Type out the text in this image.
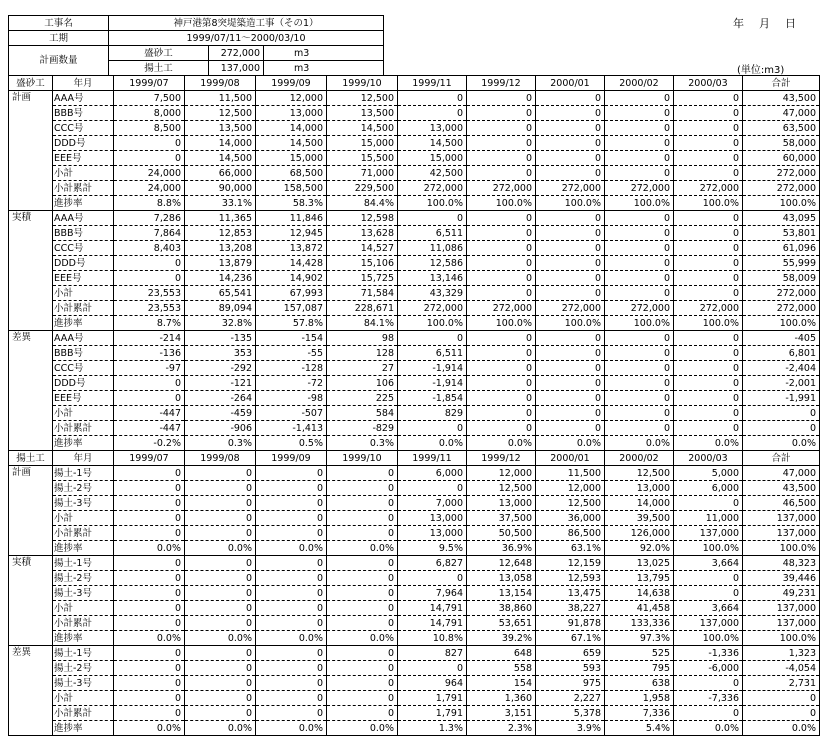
工事名	神戸港第8突堤築造工事（その1）		
工期	1999/07/11〜2000/03/10		
計画数量	盛砂工	272,000	m3
	揚土工	137,000	m3
年　月　日
(単位:m3)
盛砂工	年月	1999/07	1999/08	1999/09	1999/10	1999/11	1999/12	2000/01	2000/02	2000/03	合計
計画	AAA号	7,500	11,500	12,000	12,500	0	0	0	0	0	43,500
	BBB号	8,000	12,500	13,000	13,500	0	0	0	0	0	47,000
	CCC号	8,500	13,500	14,000	14,500	13,000	0	0	0	0	63,500
	DDD号	0	14,000	14,500	15,000	14,500	0	0	0	0	58,000
	EEE号	0	14,500	15,000	15,500	15,000	0	0	0	0	60,000
	小計	24,000	66,000	68,500	71,000	42,500	0	0	0	0	272,000
	小計累計	24,000	90,000	158,500	229,500	272,000	272,000	272,000	272,000	272,000	272,000
	進捗率	8.8%	33.1%	58.3%	84.4%	100.0%	100.0%	100.0%	100.0%	100.0%	100.0%
実積	AAA号	7,286	11,365	11,846	12,598	0	0	0	0	0	43,095
	BBB号	7,864	12,853	12,945	13,628	6,511	0	0	0	0	53,801
	CCC号	8,403	13,208	13,872	14,527	11,086	0	0	0	0	61,096
	DDD号	0	13,879	14,428	15,106	12,586	0	0	0	0	55,999
	EEE号	0	14,236	14,902	15,725	13,146	0	0	0	0	58,009
	小計	23,553	65,541	67,993	71,584	43,329	0	0	0	0	272,000
	小計累計	23,553	89,094	157,087	228,671	272,000	272,000	272,000	272,000	272,000	272,000
	進捗率	8.7%	32.8%	57.8%	84.1%	100.0%	100.0%	100.0%	100.0%	100.0%	100.0%
差異	AAA号	-214	-135	-154	98	0	0	0	0	0	-405
	BBB号	-136	353	-55	128	6,511	0	0	0	0	6,801
	CCC号	-97	-292	-128	27	-1,914	0	0	0	0	-2,404
	DDD号	0	-121	-72	106	-1,914	0	0	0	0	-2,001
	EEE号	0	-264	-98	225	-1,854	0	0	0	0	-1,991
	小計	-447	-459	-507	584	829	0	0	0	0	0
	小計累計	-447	-906	-1,413	-829	0	0	0	0	0	0
	進捗率	-0.2%	0.3%	0.5%	0.3%	0.0%	0.0%	0.0%	0.0%	0.0%	0.0%
揚土工	年月	1999/07	1999/08	1999/09	1999/10	1999/11	1999/12	2000/01	2000/02	2000/03	合計
計画	揚土-1号	0	0	0	0	6,000	12,000	11,500	12,500	5,000	47,000
	揚土-2号	0	0	0	0	0	12,500	12,000	13,000	6,000	43,500
	揚土-3号	0	0	0	0	7,000	13,000	12,500	14,000	0	46,500
	小計	0	0	0	0	13,000	37,500	36,000	39,500	11,000	137,000
	小計累計	0	0	0	0	13,000	50,500	86,500	126,000	137,000	137,000
	進捗率	0.0%	0.0%	0.0%	0.0%	9.5%	36.9%	63.1%	92.0%	100.0%	100.0%
実積	揚土-1号	0	0	0	0	6,827	12,648	12,159	13,025	3,664	48,323
	揚土-2号	0	0	0	0	0	13,058	12,593	13,795	0	39,446
	揚土-3号	0	0	0	0	7,964	13,154	13,475	14,638	0	49,231
	小計	0	0	0	0	14,791	38,860	38,227	41,458	3,664	137,000
	小計累計	0	0	0	0	14,791	53,651	91,878	133,336	137,000	137,000
	進捗率	0.0%	0.0%	0.0%	0.0%	10.8%	39.2%	67.1%	97.3%	100.0%	100.0%
差異	揚土-1号	0	0	0	0	827	648	659	525	-1,336	1,323
	揚土-2号	0	0	0	0	0	558	593	795	-6,000	-4,054
	揚土-3号	0	0	0	0	964	154	975	638	0	2,731
	小計	0	0	0	0	1,791	1,360	2,227	1,958	-7,336	0
	小計累計	0	0	0	0	1,791	3,151	5,378	7,336	0	0
	進捗率	0.0%	0.0%	0.0%	0.0%	1.3%	2.3%	3.9%	5.4%	0.0%	0.0%
